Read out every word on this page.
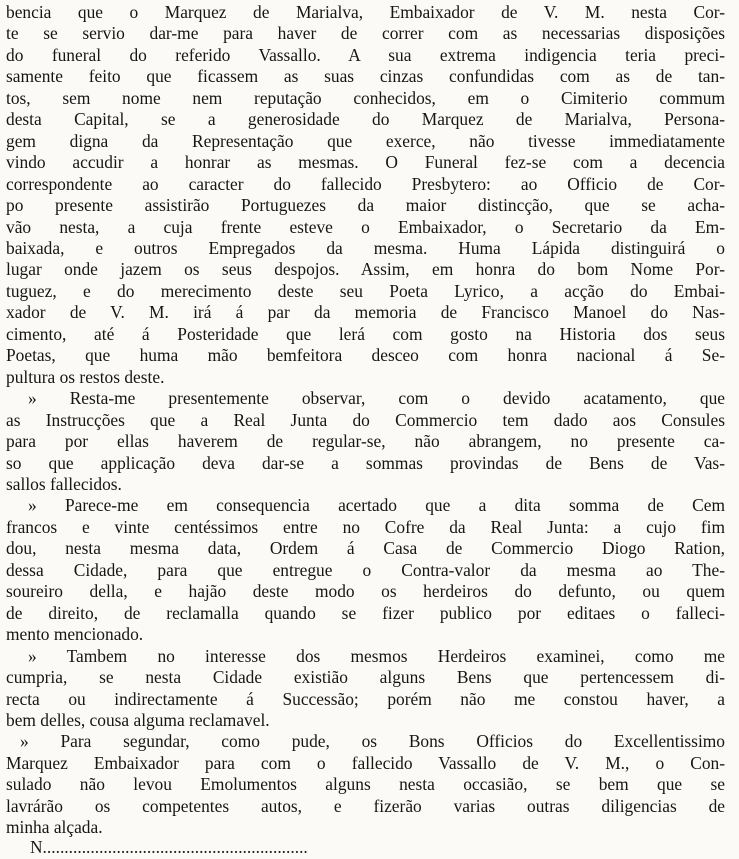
bencia que o Marquez de Marialva, Embaixador de V. M. nesta Cor-
te se servio dar-me para haver de correr com as necessarias disposições
do funeral do referido Vassallo. A sua extrema indigencia teria preci-
samente feito que ficassem as suas cinzas confundidas com as de tan-
tos, sem nome nem reputação conhecidos, em o Cimiterio commum
desta Capital, se a generosidade do Marquez de Marialva, Persona-
gem digna da Representação que exerce, não tivesse immediatamente
vindo accudir a honrar as mesmas. O Funeral fez-se com a decencia
correspondente ao caracter do fallecido Presbytero: ao Officio de Cor-
po presente assistirão Portuguezes da maior distincção, que se acha-
vão nesta, a cuja frente esteve o Embaixador, o Secretario da Em-
baixada, e outros Empregados da mesma. Huma Lápida distinguirá o
lugar onde jazem os seus despojos. Assim, em honra do bom Nome Por-
tuguez, e do merecimento deste seu Poeta Lyrico, a acção do Embai-
xador de V. M. irá á par da memoria de Francisco Manoel do Nas-
cimento, até á Posteridade que lerá com gosto na Historia dos seus
Poetas, que huma mão bemfeitora desceo com honra nacional á Se-
pultura os restos deste.
» Resta-me presentemente observar, com o devido acatamento, que
as Instrucções que a Real Junta do Commercio tem dado aos Consules
para por ellas haverem de regular-se, não abrangem, no presente ca-
so que applicação deva dar-se a sommas provindas de Bens de Vas-
sallos fallecidos.
» Parece-me em consequencia acertado que a dita somma de Cem
francos e vinte centéssimos entre no Cofre da Real Junta: a cujo fim
dou, nesta mesma data, Ordem á Casa de Commercio Diogo Ration,
dessa Cidade, para que entregue o Contra-valor da mesma ao The-
soureiro della, e hajão deste modo os herdeiros do defunto, ou quem
de direito, de reclamalla quando se fizer publico por editaes o falleci-
mento mencionado.
» Tambem no interesse dos mesmos Herdeiros examinei, como me
cumpria, se nesta Cidade existião alguns Bens que pertencessem di-
recta ou indirectamente á Successão; porém não me constou haver, a
bem delles, cousa alguma reclamavel.
» Para segundar, como pude, os Bons Officios do Excellentissimo
Marquez Embaixador para com o fallecido Vassallo de V. M., o Con-
sulado não levou Emolumentos alguns nesta occasião, se bem que se
lavrárão os competentes autos, e fizerão varias outras diligencias de
minha alçada.
N.............................................................
